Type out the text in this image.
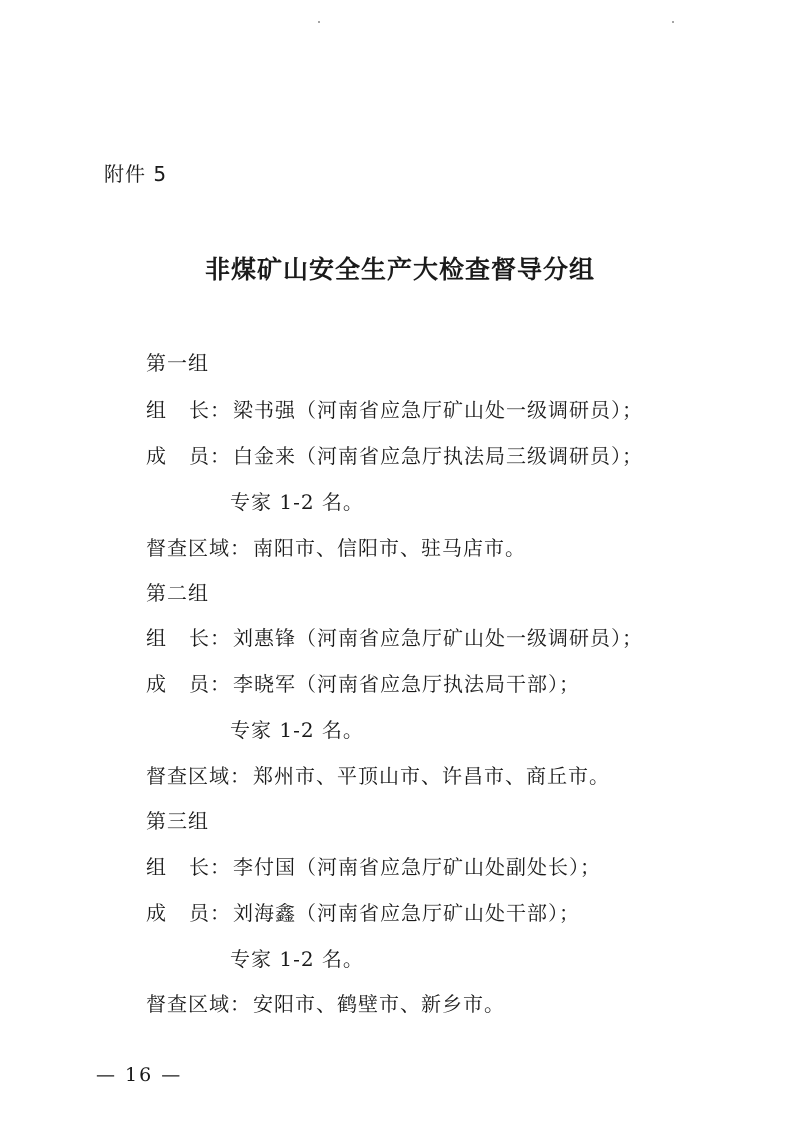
附件 5
非煤矿山安全生产大检查督导分组
第一组
组 长： 梁书强（河南省应急厅矿山处一级调研员）；
成 员： 白金来（河南省应急厅执法局三级调研员）；
专家 1-2 名。
督查区域： 南阳市、信阳市、驻马店市。
第二组
组 长： 刘惠锋（河南省应急厅矿山处一级调研员）；
成 员： 李晓军（河南省应急厅执法局干部）；
专家 1-2 名。
督查区域： 郑州市、平顶山市、许昌市、商丘市。
第三组
组 长： 李付国（河南省应急厅矿山处副处长）；
成 员： 刘海鑫（河南省应急厅矿山处干部）；
专家 1-2 名。
督查区域： 安阳市、鹤壁市、新乡市。
— 16 —
